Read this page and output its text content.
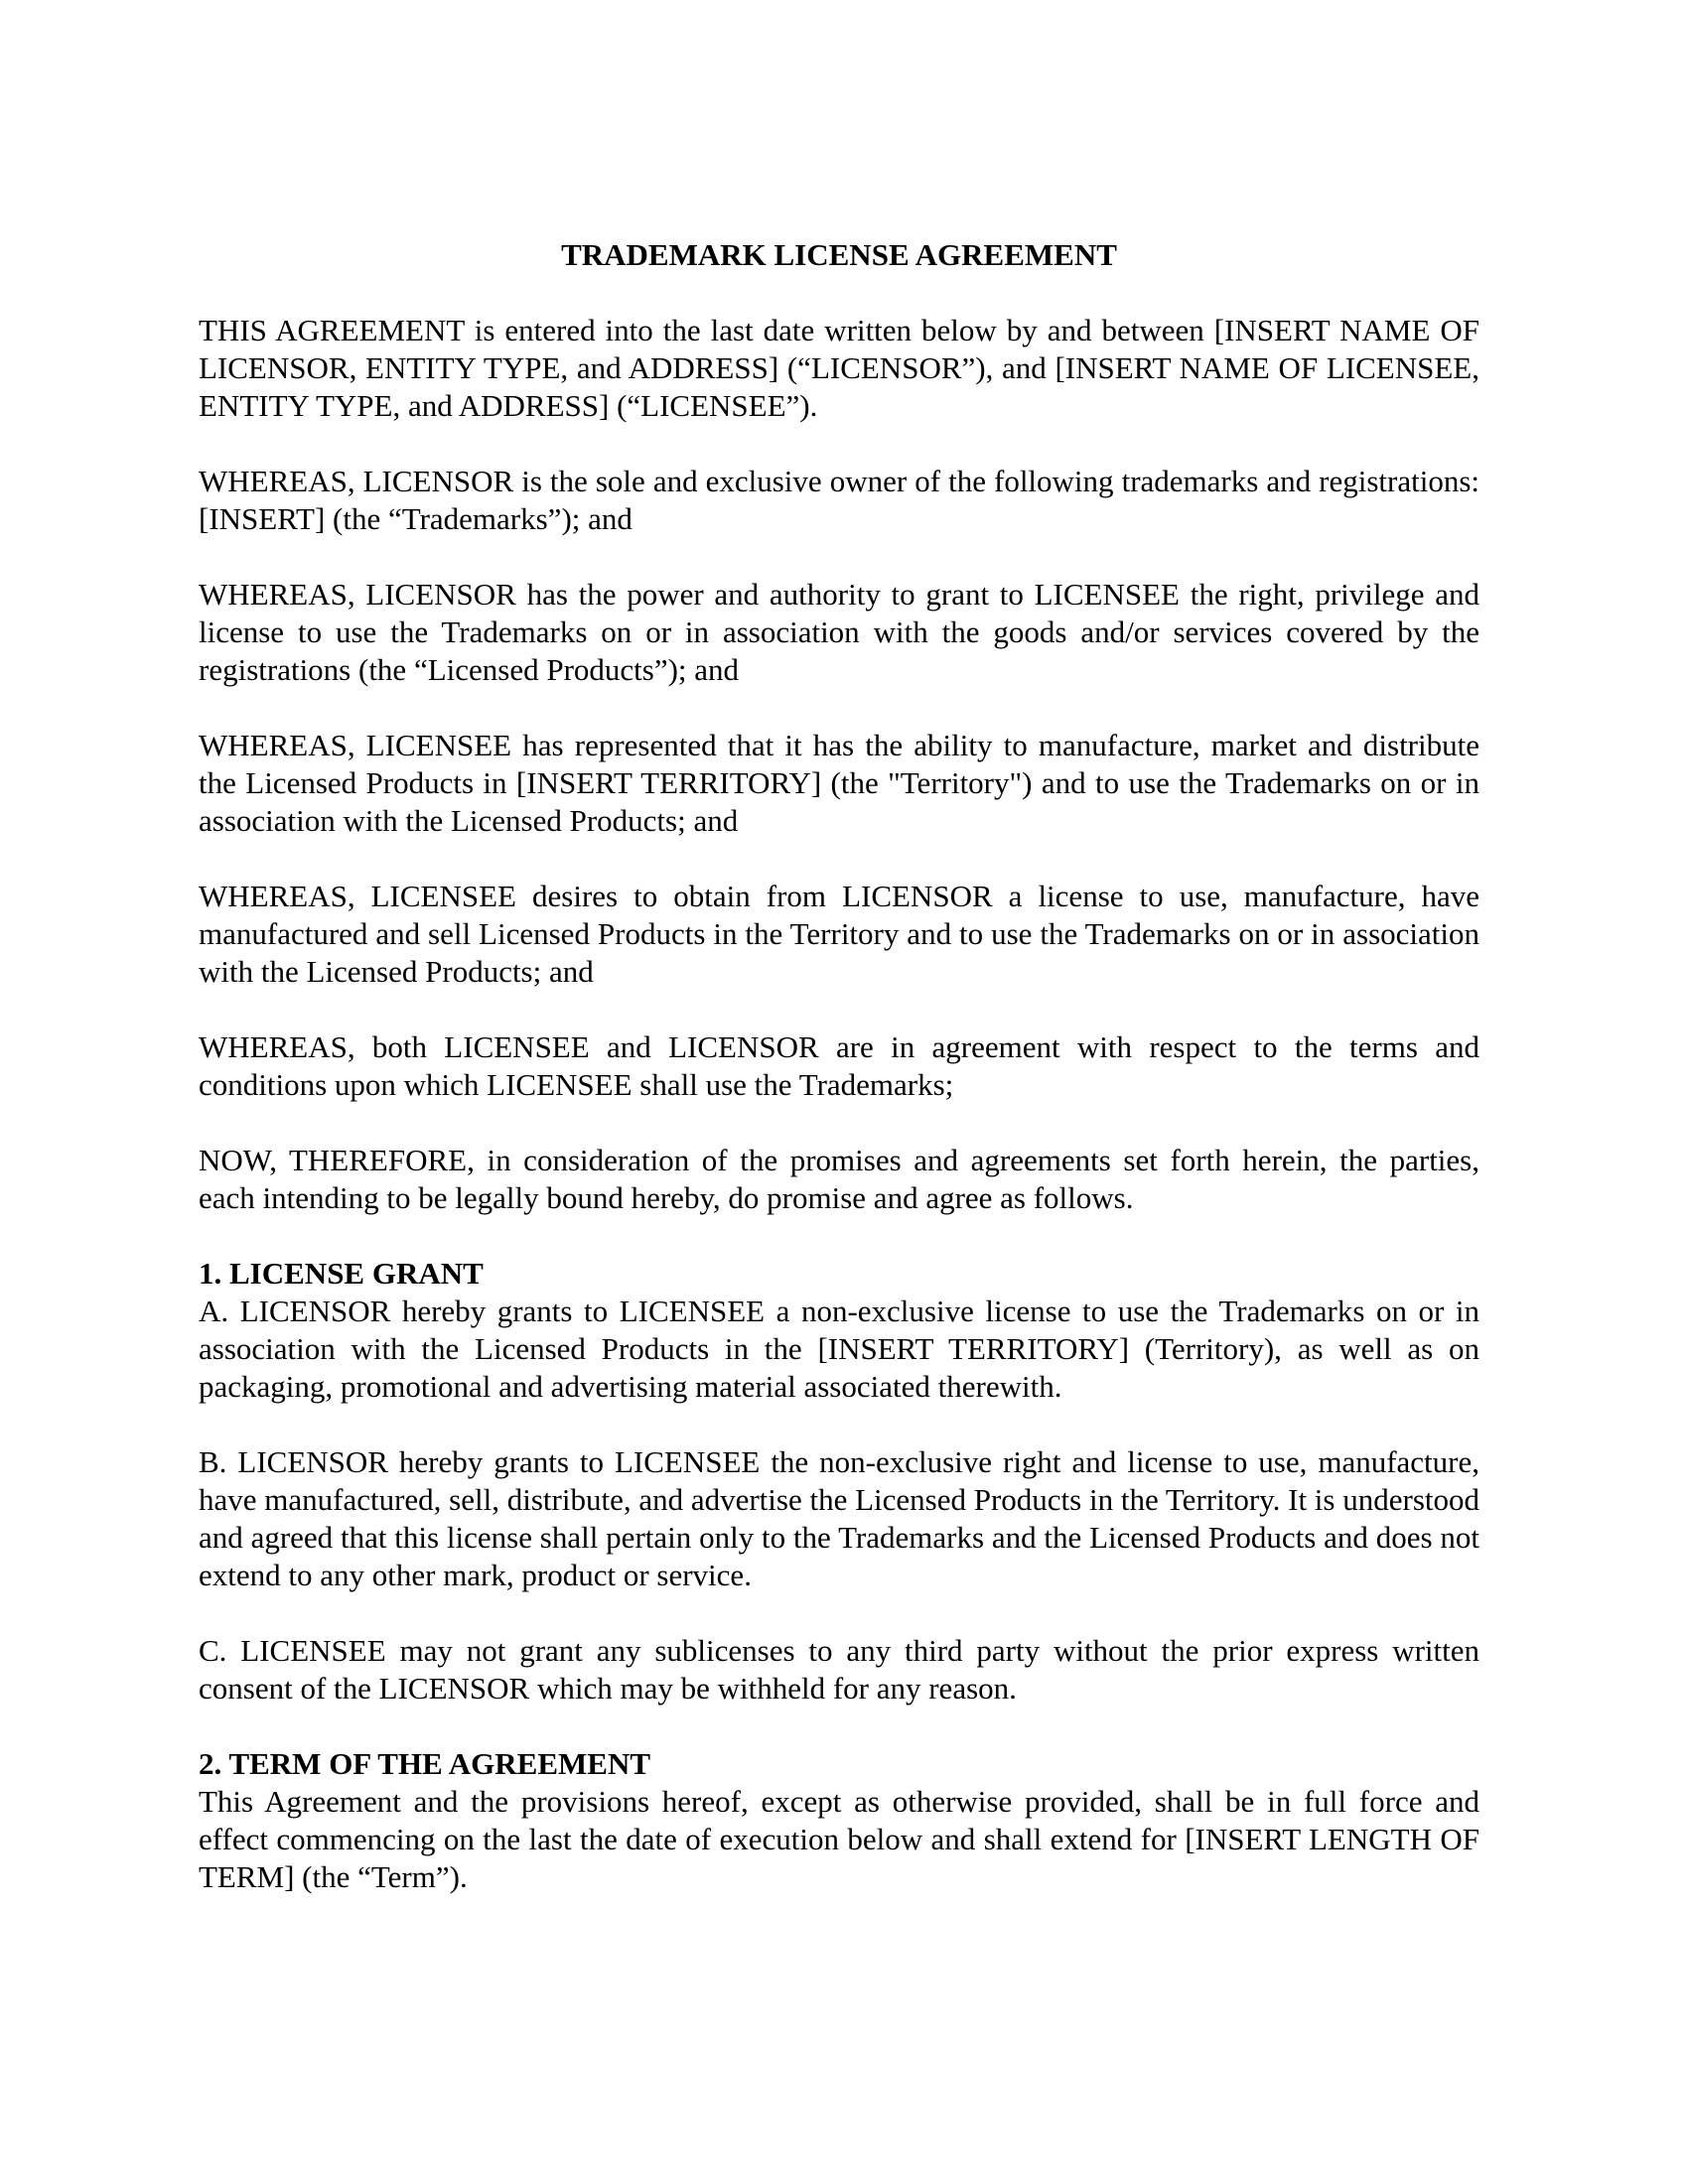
TRADEMARK LICENSE AGREEMENT

THIS AGREEMENT is entered into the last date written below by and between [INSERT NAME OF LICENSOR, ENTITY TYPE, and ADDRESS] (“LICENSOR”), and [INSERT NAME OF LICENSEE, ENTITY TYPE, and ADDRESS] (“LICENSEE”).

WHEREAS, LICENSOR is the sole and exclusive owner of the following trademarks and registrations: [INSERT] (the “Trademarks”); and

WHEREAS, LICENSOR has the power and authority to grant to LICENSEE the right, privilege and license to use the Trademarks on or in association with the goods and/or services covered by the registrations (the “Licensed Products”); and

WHEREAS, LICENSEE has represented that it has the ability to manufacture, market and distribute the Licensed Products in [INSERT TERRITORY] (the "Territory") and to use the Trademarks on or in association with the Licensed Products; and

WHEREAS, LICENSEE desires to obtain from LICENSOR a license to use, manufacture, have manufactured and sell Licensed Products in the Territory and to use the Trademarks on or in association with the Licensed Products; and

WHEREAS, both LICENSEE and LICENSOR are in agreement with respect to the terms and conditions upon which LICENSEE shall use the Trademarks;

NOW, THEREFORE, in consideration of the promises and agreements set forth herein, the parties, each intending to be legally bound hereby, do promise and agree as follows.

1. LICENSE GRANT

A. LICENSOR hereby grants to LICENSEE a non-exclusive license to use the Trademarks on or in association with the Licensed Products in the [INSERT TERRITORY] (Territory), as well as on packaging, promotional and advertising material associated therewith.

B. LICENSOR hereby grants to LICENSEE the non-exclusive right and license to use, manufacture, have manufactured, sell, distribute, and advertise the Licensed Products in the Territory. It is understood and agreed that this license shall pertain only to the Trademarks and the Licensed Products and does not extend to any other mark, product or service.

C. LICENSEE may not grant any sublicenses to any third party without the prior express written consent of the LICENSOR which may be withheld for any reason.

2. TERM OF THE AGREEMENT

This Agreement and the provisions hereof, except as otherwise provided, shall be in full force and effect commencing on the last the date of execution below and shall extend for [INSERT LENGTH OF TERM] (the “Term”).
